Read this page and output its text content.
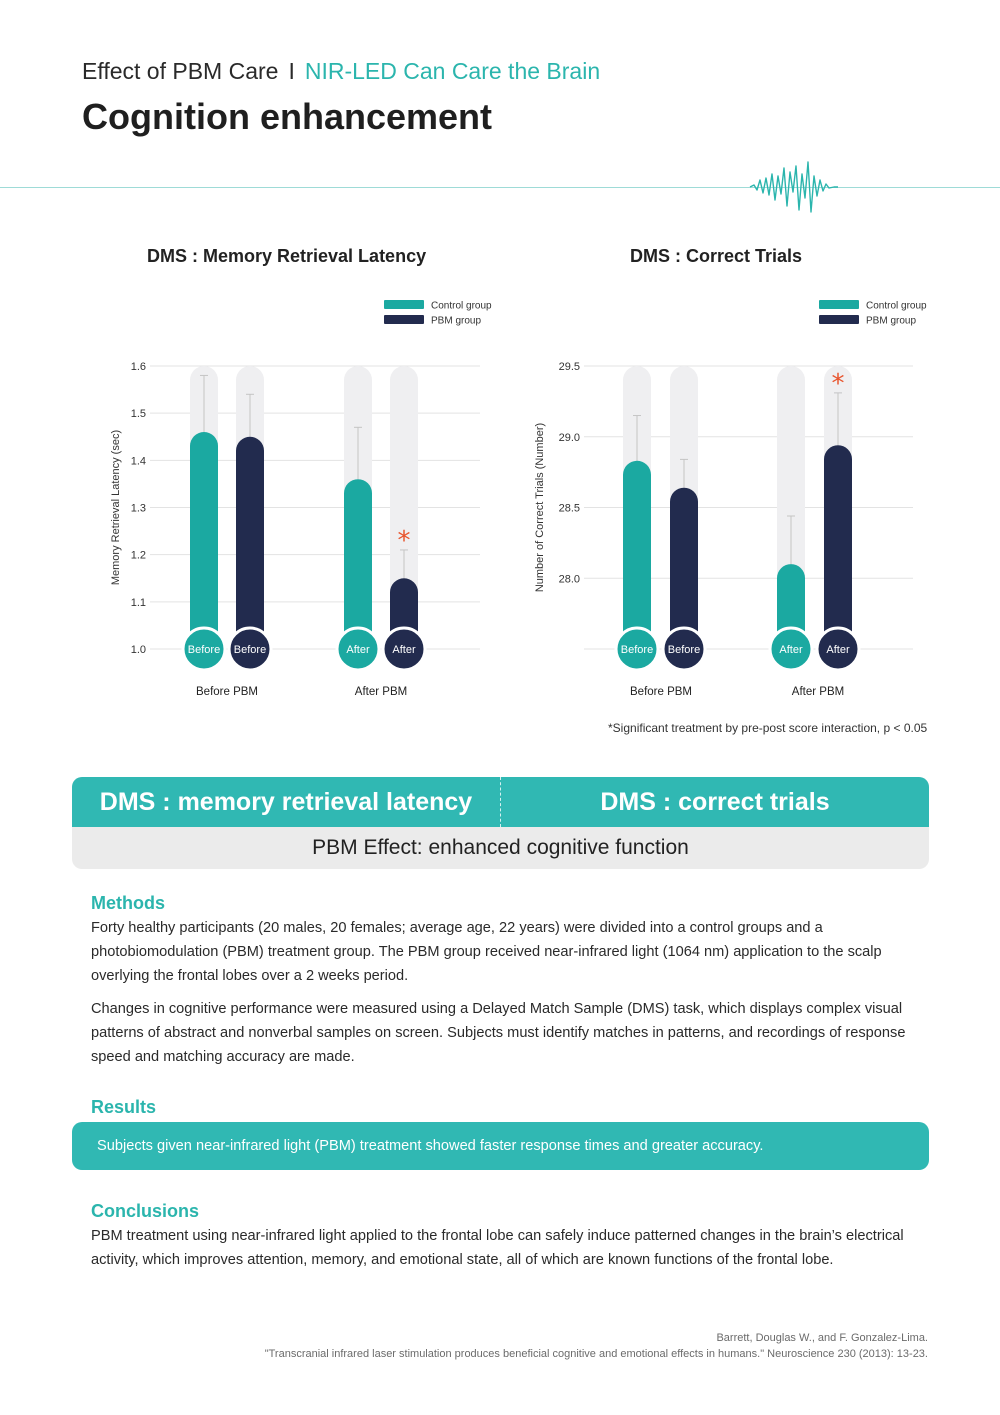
Effect of PBM Care I NIR-LED Can Care the Brain
Cognition enhancement
DMS : Memory Retrieval Latency	DMS : Correct Trials
1.0
1.1
1.2
1.3
1.4
1.5
1.6
Memory Retrieval Latency (sec)
Control group
PBM group
Before Before
Before PBM
After After
After PBM
*
28.0
28.5
29.0
29.5
Number of Correct Trials (Number)
Control group
PBM group
Before Before
Before PBM
After After
After PBM
*
*Significant treatment by pre-post score interaction, p < 0.05
DMS : memory retrieval latency	DMS : correct trials
PBM Effect: enhanced cognitive function
Methods
Forty healthy participants (20 males, 20 females; average age, 22 years) were divided into a control groups and a photobiomodulation (PBM) treatment group. The PBM group received near-infrared light (1064 nm) application to the scalp overlying the frontal lobes over a 2 weeks period.
Changes in cognitive performance were measured using a Delayed Match Sample (DMS) task, which displays complex visual patterns of abstract and nonverbal samples on screen. Subjects must identify matches in patterns, and recordings of response speed and matching accuracy are made.
Results
Subjects given near-infrared light (PBM) treatment showed faster response times and greater accuracy.
Conclusions
PBM treatment using near-infrared light applied to the frontal lobe can safely induce patterned changes in the brain’s electrical activity, which improves attention, memory, and emotional state, all of which are known functions of the frontal lobe.
Barrett, Douglas W., and F. Gonzalez-Lima.
"Transcranial infrared laser stimulation produces beneficial cognitive and emotional effects in humans." Neuroscience 230 (2013): 13-23.
